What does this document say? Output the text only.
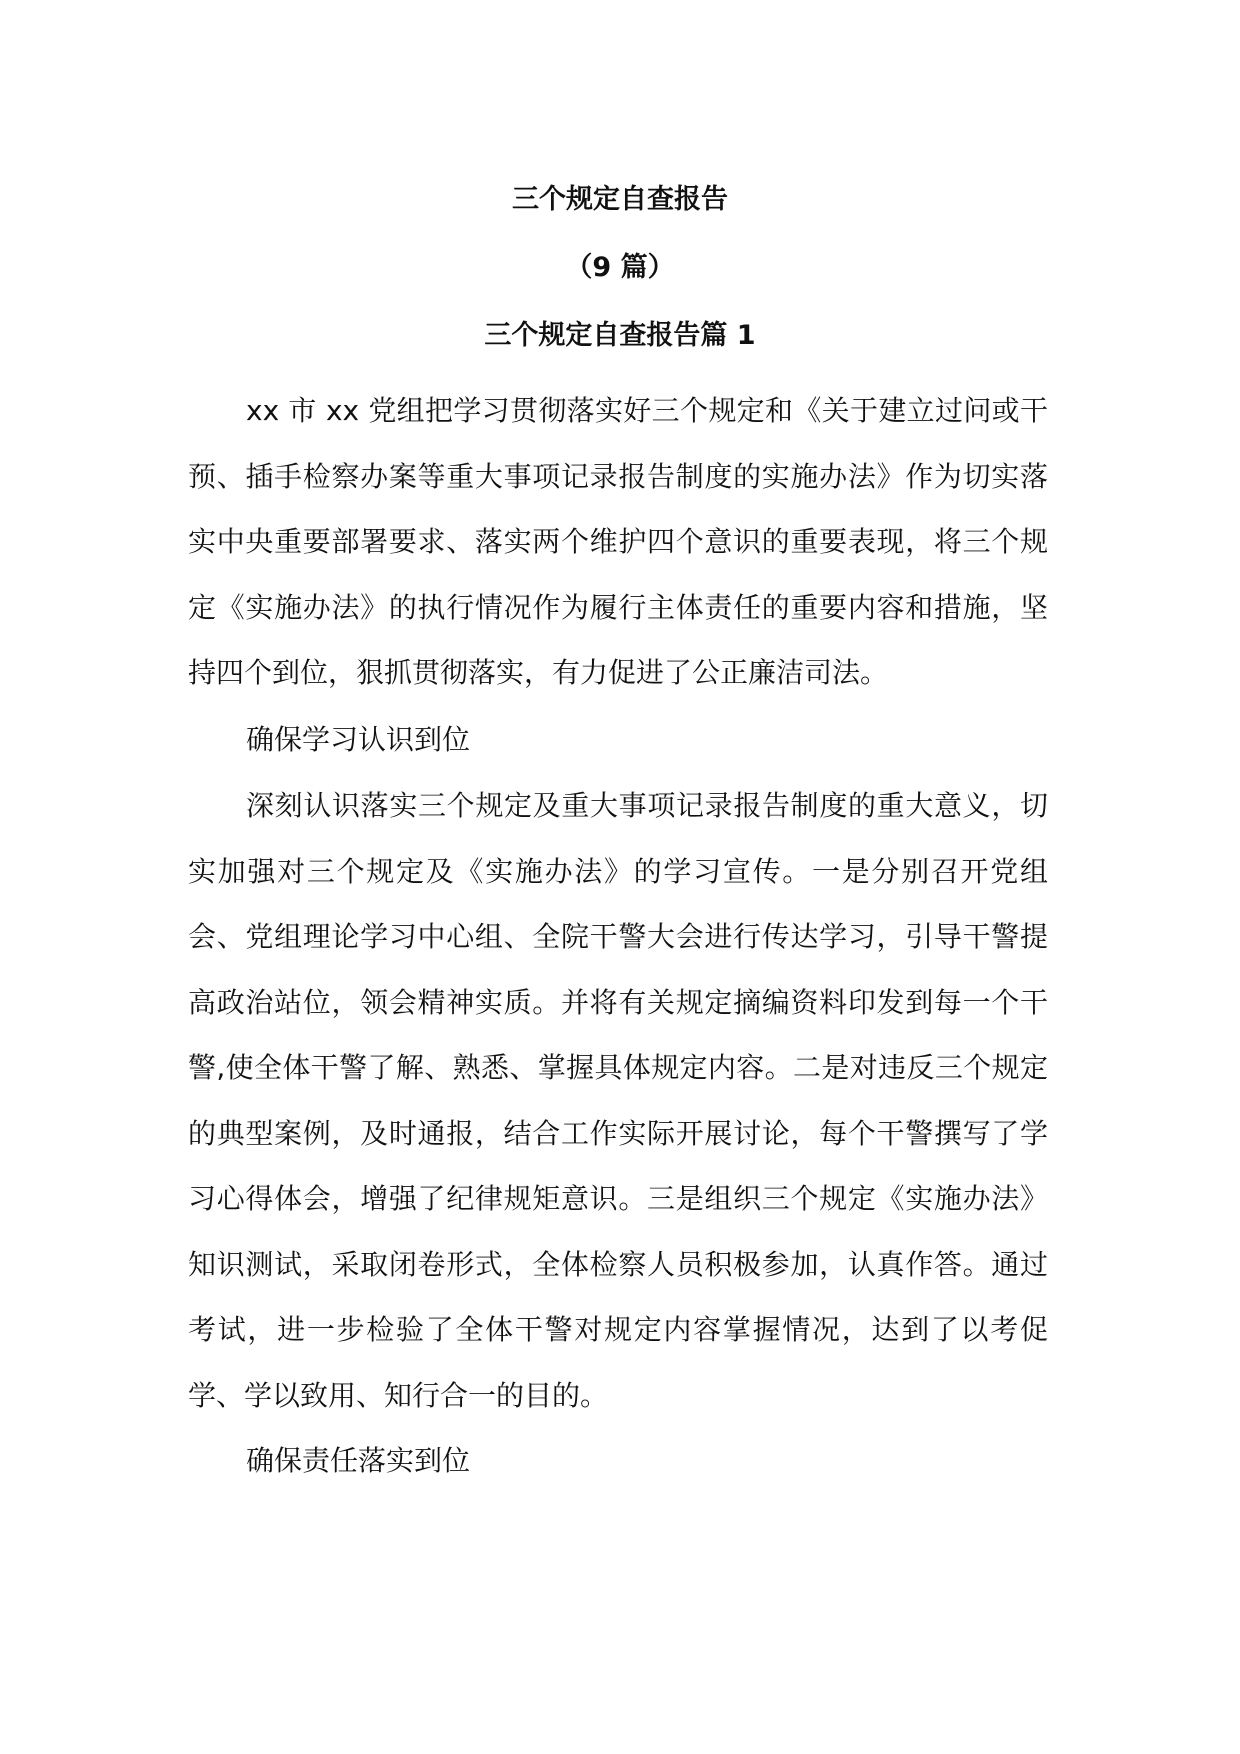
三个规定自查报告
（9 篇）
三个规定自查报告篇 1

xx 市 xx 党组把学习贯彻落实好三个规定和《关于建立过问或干预、插手检察办案等重大事项记录报告制度的实施办法》作为切实落实中央重要部署要求、落实两个维护四个意识的重要表现，将三个规定《实施办法》的执行情况作为履行主体责任的重要内容和措施，坚持四个到位，狠抓贯彻落实，有力促进了公正廉洁司法。

确保学习认识到位

深刻认识落实三个规定及重大事项记录报告制度的重大意义，切实加强对三个规定及《实施办法》的学习宣传。一是分别召开党组会、党组理论学习中心组、全院干警大会进行传达学习，引导干警提高政治站位，领会精神实质。并将有关规定摘编资料印发到每一个干警,使全体干警了解、熟悉、掌握具体规定内容。二是对违反三个规定的典型案例，及时通报，结合工作实际开展讨论，每个干警撰写了学习心得体会，增强了纪律规矩意识。三是组织三个规定《实施办法》知识测试，采取闭卷形式，全体检察人员积极参加，认真作答。通过考试，进一步检验了全体干警对规定内容掌握情况，达到了以考促学、学以致用、知行合一的目的。

确保责任落实到位
